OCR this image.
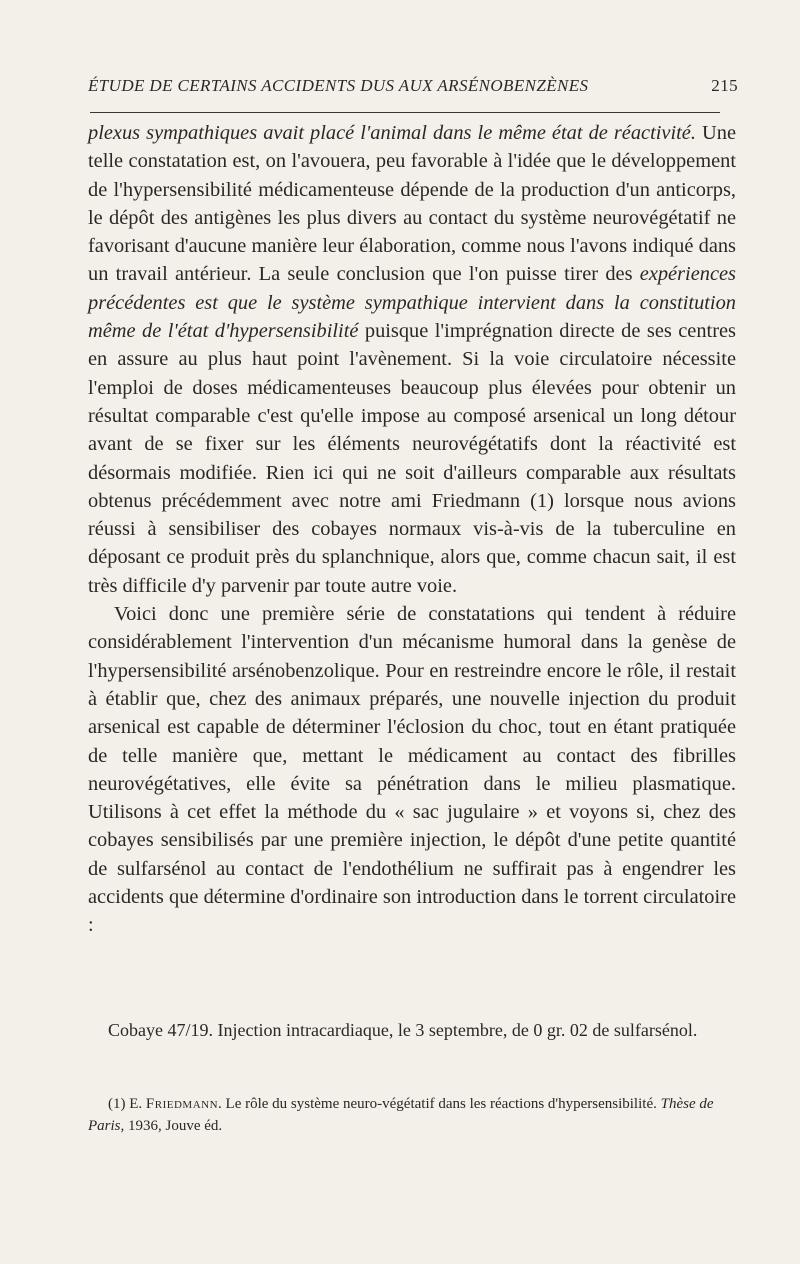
ÉTUDE DE CERTAINS ACCIDENTS DUS AUX ARSÉNOBENZÈNES	215

plexus sympathiques avait placé l'animal dans le même état de réactivité. Une telle constatation est, on l'avouera, peu favorable à l'idée que le développement de l'hypersensibilité médicamenteuse dépende de la production d'un anticorps, le dépôt des antigènes les plus divers au contact du système neurovégétatif ne favorisant d'aucune manière leur élaboration, comme nous l'avons indiqué dans un travail antérieur. La seule conclusion que l'on puisse tirer des expériences précédentes est que le système sympathique intervient dans la constitution même de l'état d'hypersensibilité puisque l'imprégnation directe de ses centres en assure au plus haut point l'avènement. Si la voie circulatoire nécessite l'emploi de doses médicamenteuses beaucoup plus élevées pour obtenir un résultat comparable c'est qu'elle impose au composé arsenical un long détour avant de se fixer sur les éléments neurovégétatifs dont la réactivité est désormais modifiée. Rien ici qui ne soit d'ailleurs comparable aux résultats obtenus précédemment avec notre ami Friedmann (1) lorsque nous avions réussi à sensibiliser des cobayes normaux vis-à-vis de la tuberculine en déposant ce produit près du splanchnique, alors que, comme chacun sait, il est très difficile d'y parvenir par toute autre voie.

Voici donc une première série de constatations qui tendent à réduire considérablement l'intervention d'un mécanisme humoral dans la genèse de l'hypersensibilité arsénobenzolique. Pour en restreindre encore le rôle, il restait à établir que, chez des animaux préparés, une nouvelle injection du produit arsenical est capable de déterminer l'éclosion du choc, tout en étant pratiquée de telle manière que, mettant le médicament au contact des fibrilles neurovégétatives, elle évite sa pénétration dans le milieu plasmatique. Utilisons à cet effet la méthode du « sac jugulaire » et voyons si, chez des cobayes sensibilisés par une première injection, le dépôt d'une petite quantité de sulfarsénol au contact de l'endothélium ne suffirait pas à engendrer les accidents que détermine d'ordinaire son introduction dans le torrent circulatoire :

Cobaye 47/19. Injection intracardiaque, le 3 septembre, de 0 gr. 02 de sulfarsénol.
(1) E. Friedmann. Le rôle du système neuro-végétatif dans les réactions d'hypersensibilité. Thèse de Paris, 1936, Jouve éd.
